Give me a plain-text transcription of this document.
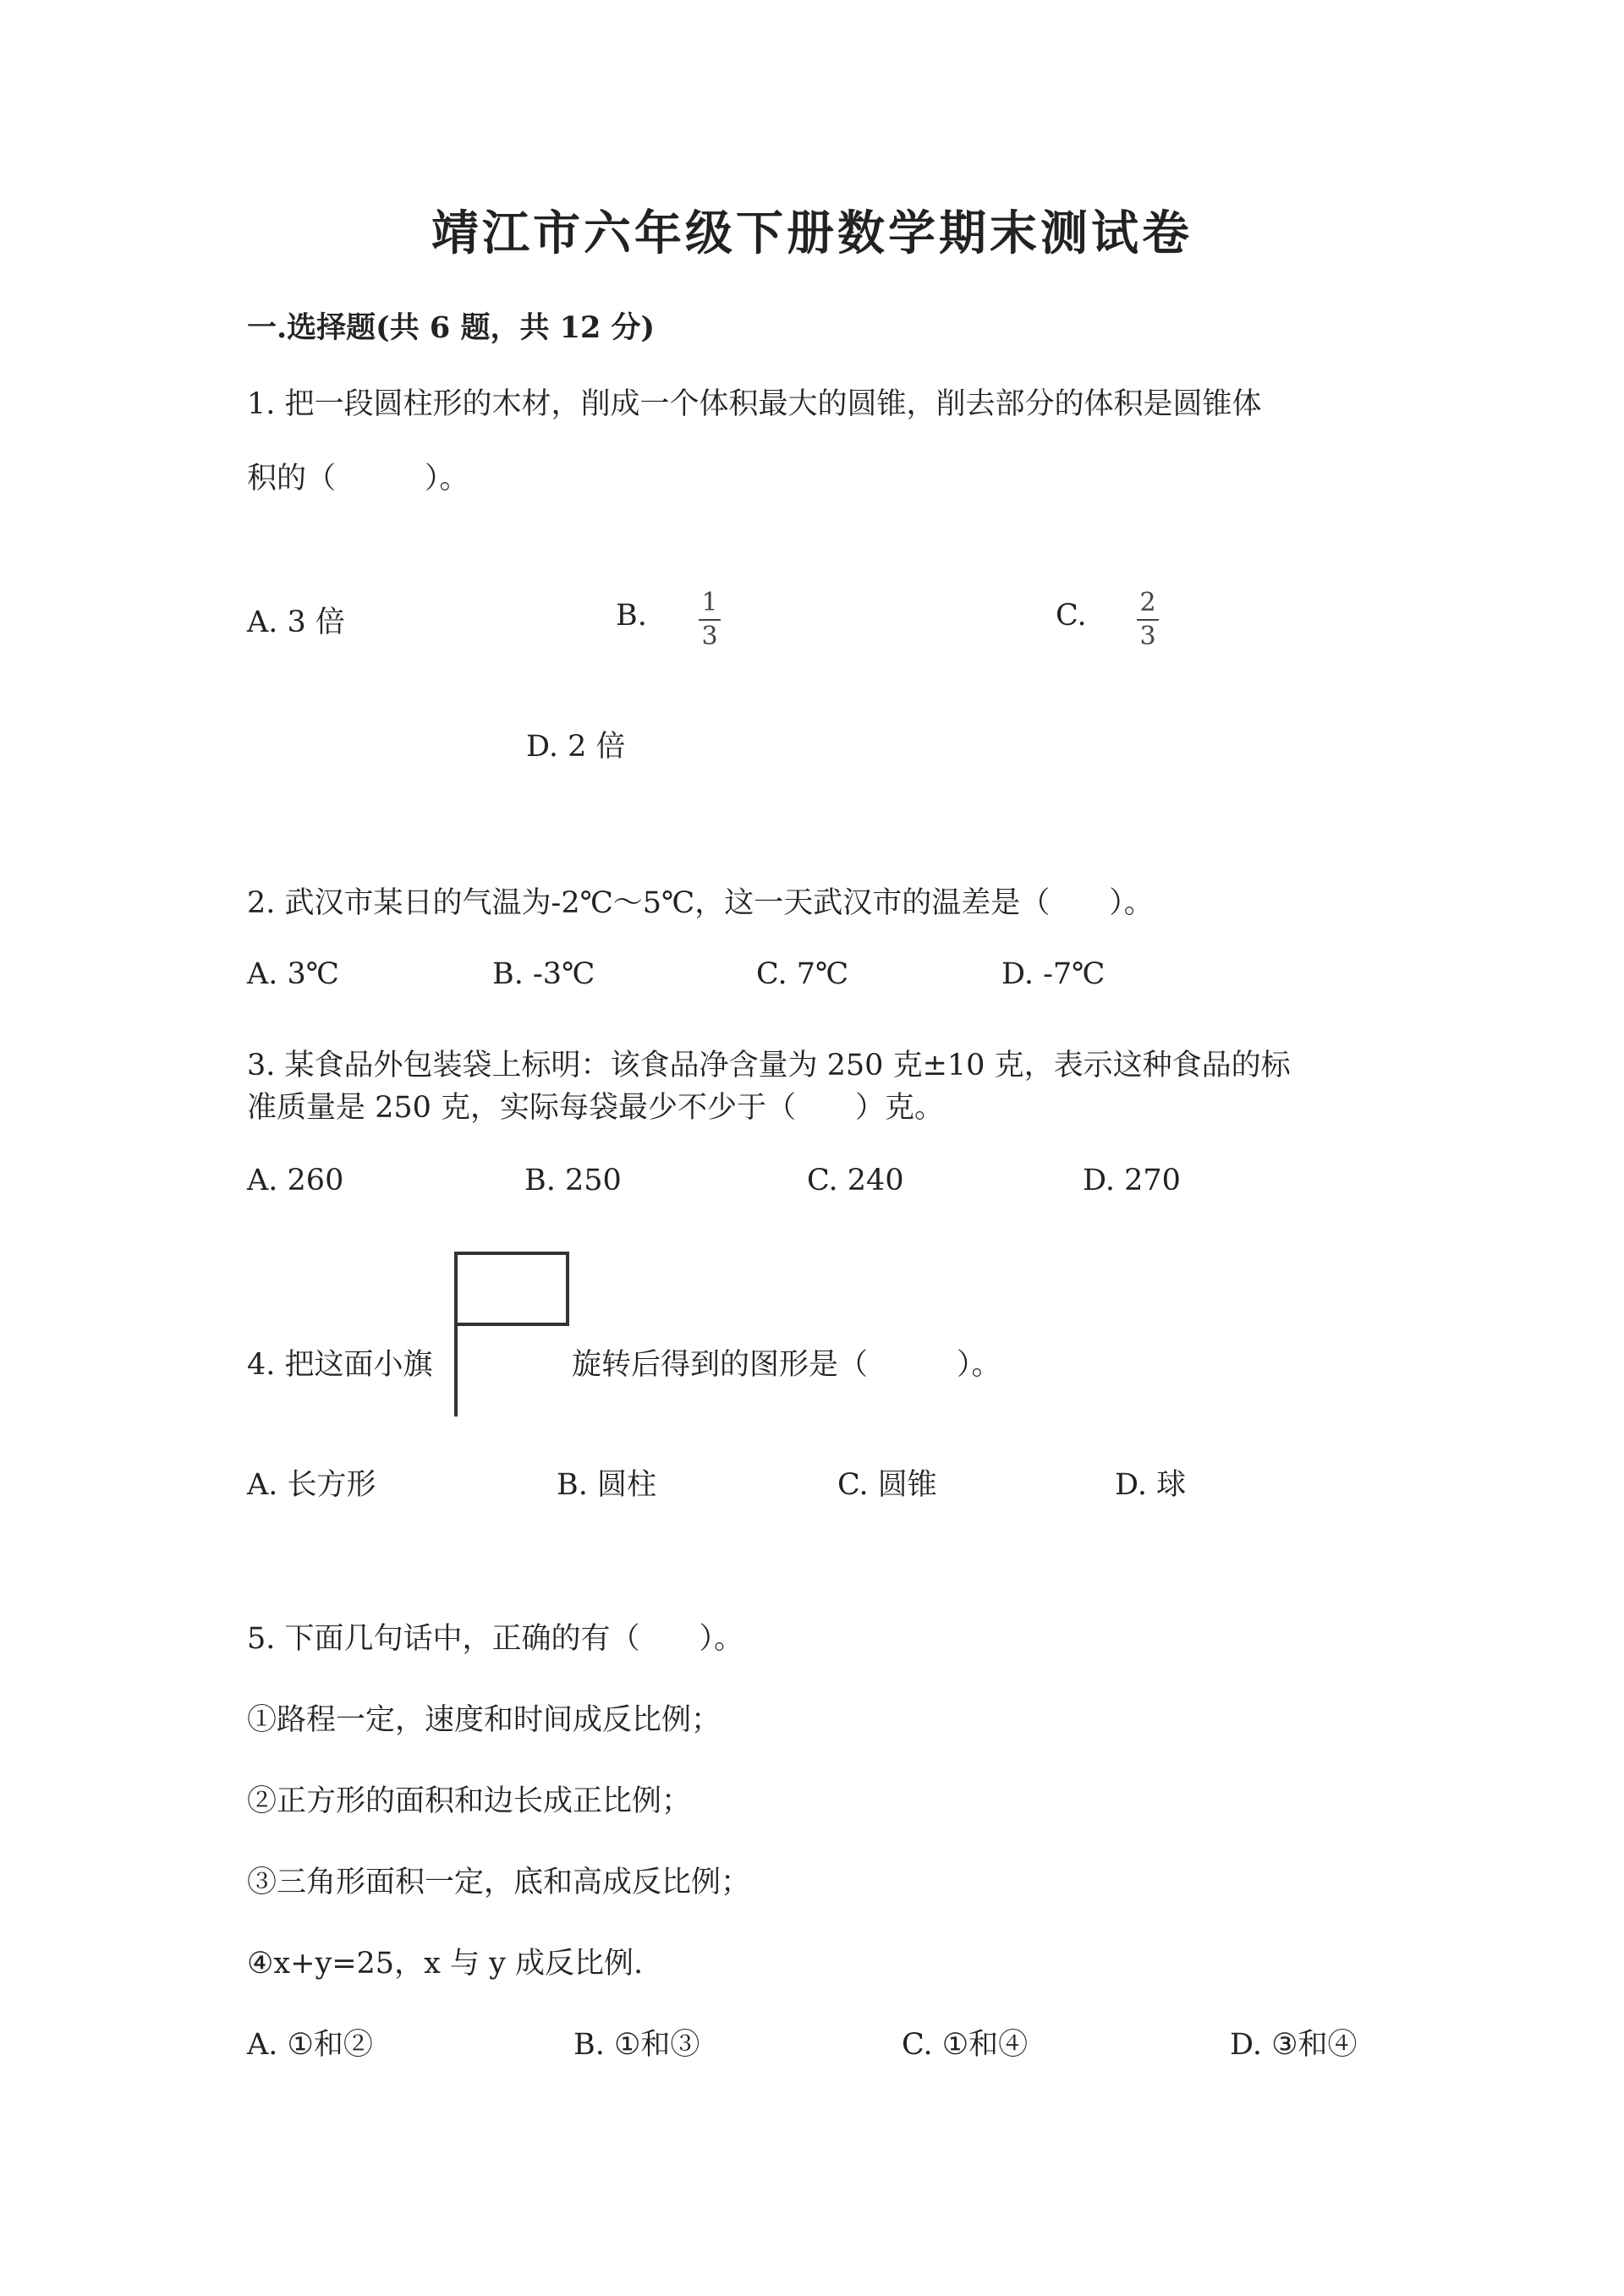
靖江市六年级下册数学期末测试卷
一.选择题(共 6 题，共 12 分)
1. 把一段圆柱形的木材，削成一个体积最大的圆锥，削去部分的体积是圆锥体
积的（　　　）。
A. 3 倍	B. $\frac{1}{3}$	C. $\frac{2}{3}$
D. 2 倍
2. 武汉市某日的气温为-2℃～5℃，这一天武汉市的温差是（　　）。
A. 3℃	B. -3℃	C. 7℃	D. -7℃
3. 某食品外包装袋上标明：该食品净含量为 250 克±10 克，表示这种食品的标
准质量是 250 克，实际每袋最少不少于（　　）克。
A. 260	B. 250	C. 240	D. 270
4. 把这面小旗	旋转后得到的图形是（　　　）。
A. 长方形	B. 圆柱	C. 圆锥	D. 球
5. 下面几句话中，正确的有（　　）。
①路程一定，速度和时间成反比例；
②正方形的面积和边长成正比例；
③三角形面积一定，底和高成反比例；
④x+y=25，x 与 y 成反比例.
A. ①和②	B. ①和③	C. ①和④	D. ③和④
